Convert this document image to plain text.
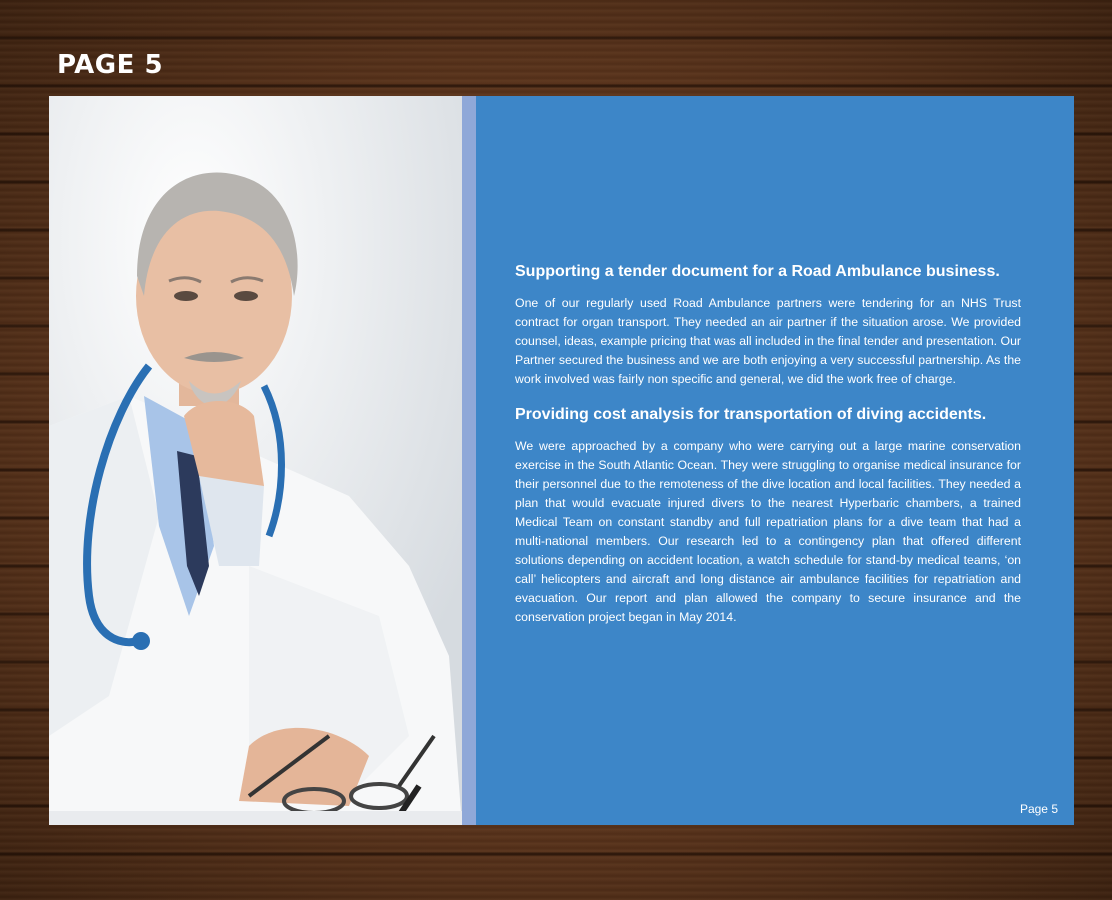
PAGE 5
Supporting a tender document for a Road Ambulance business.

One of our regularly used Road Ambulance partners were tendering for an NHS Trust contract for organ transport. They needed an air partner if the situation arose. We provided counsel, ideas, example pricing that was all included in the final tender and presentation. Our Partner secured the business and we are both enjoying a very successful partnership. As the work involved was fairly non specific and general, we did the work free of charge.

Providing cost analysis for transportation of diving accidents.

We were approached by a company who were carrying out a large marine conservation exercise in the South Atlantic Ocean. They were struggling to organise medical insurance for their personnel due to the remoteness of the dive location and local facilities. They needed a plan that would evacuate injured divers to the nearest Hyperbaric chambers, a trained Medical Team on constant standby and full repatriation plans for a dive team that had a multi-national members. Our research led to a contingency plan that offered different solutions depending on accident location, a watch schedule for stand-by medical teams, ‘on call’ helicopters and aircraft and long distance air ambulance facilities for repatriation and evacuation. Our report and plan allowed the company to secure insurance and the conservation project began in May 2014.

Page 5
